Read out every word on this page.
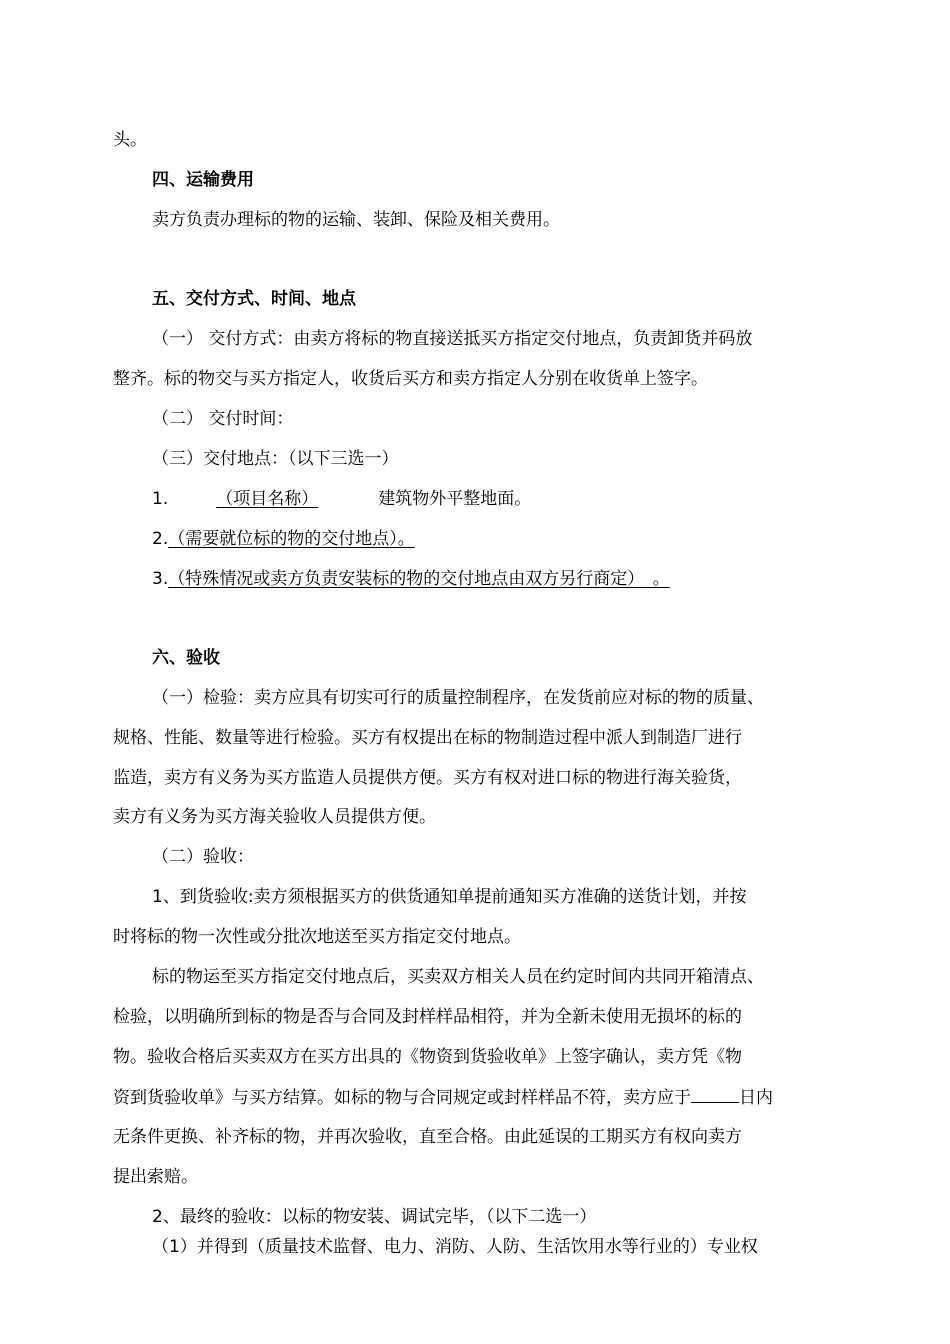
头。
四、运输费用
卖方负责办理标的物的运输、装卸、保险及相关费用。
五、交付方式、时间、地点
（一） 交付方式：由卖方将标的物直接送抵买方指定交付地点，负责卸货并码放
整齐。标的物交与买方指定人，收货后买方和卖方指定人分别在收货单上签字。
（二） 交付时间：
（三）交付地点：（以下三选一）
1.	（项目名称）	建筑物外平整地面。
2.（需要就位标的物的交付地点）。
3.（特殊情况或卖方负责安装标的物的交付地点由双方另行商定）　。
六、验收
（一）检验：卖方应具有切实可行的质量控制程序，在发货前应对标的物的质量、
规格、性能、数量等进行检验。买方有权提出在标的物制造过程中派人到制造厂进行
监造，卖方有义务为买方监造人员提供方便。买方有权对进口标的物进行海关验货，
卖方有义务为买方海关验收人员提供方便。
（二）验收：
1、到货验收:卖方须根据买方的供货通知单提前通知买方准确的送货计划，并按
时将标的物一次性或分批次地送至买方指定交付地点。
标的物运至买方指定交付地点后，买卖双方相关人员在约定时间内共同开箱清点、
检验，以明确所到标的物是否与合同及封样样品相符，并为全新未使用无损坏的标的
物。验收合格后买卖双方在买方出具的《物资到货验收单》上签字确认，卖方凭《物
资到货验收单》与买方结算。如标的物与合同规定或封样样品不符，卖方应于	日内
无条件更换、补齐标的物，并再次验收，直至合格。由此延误的工期买方有权向卖方
提出索赔。
2、最终的验收：以标的物安装、调试完毕，（以下二选一）
（1）并得到（质量技术监督、电力、消防、人防、生活饮用水等行业的）专业权
